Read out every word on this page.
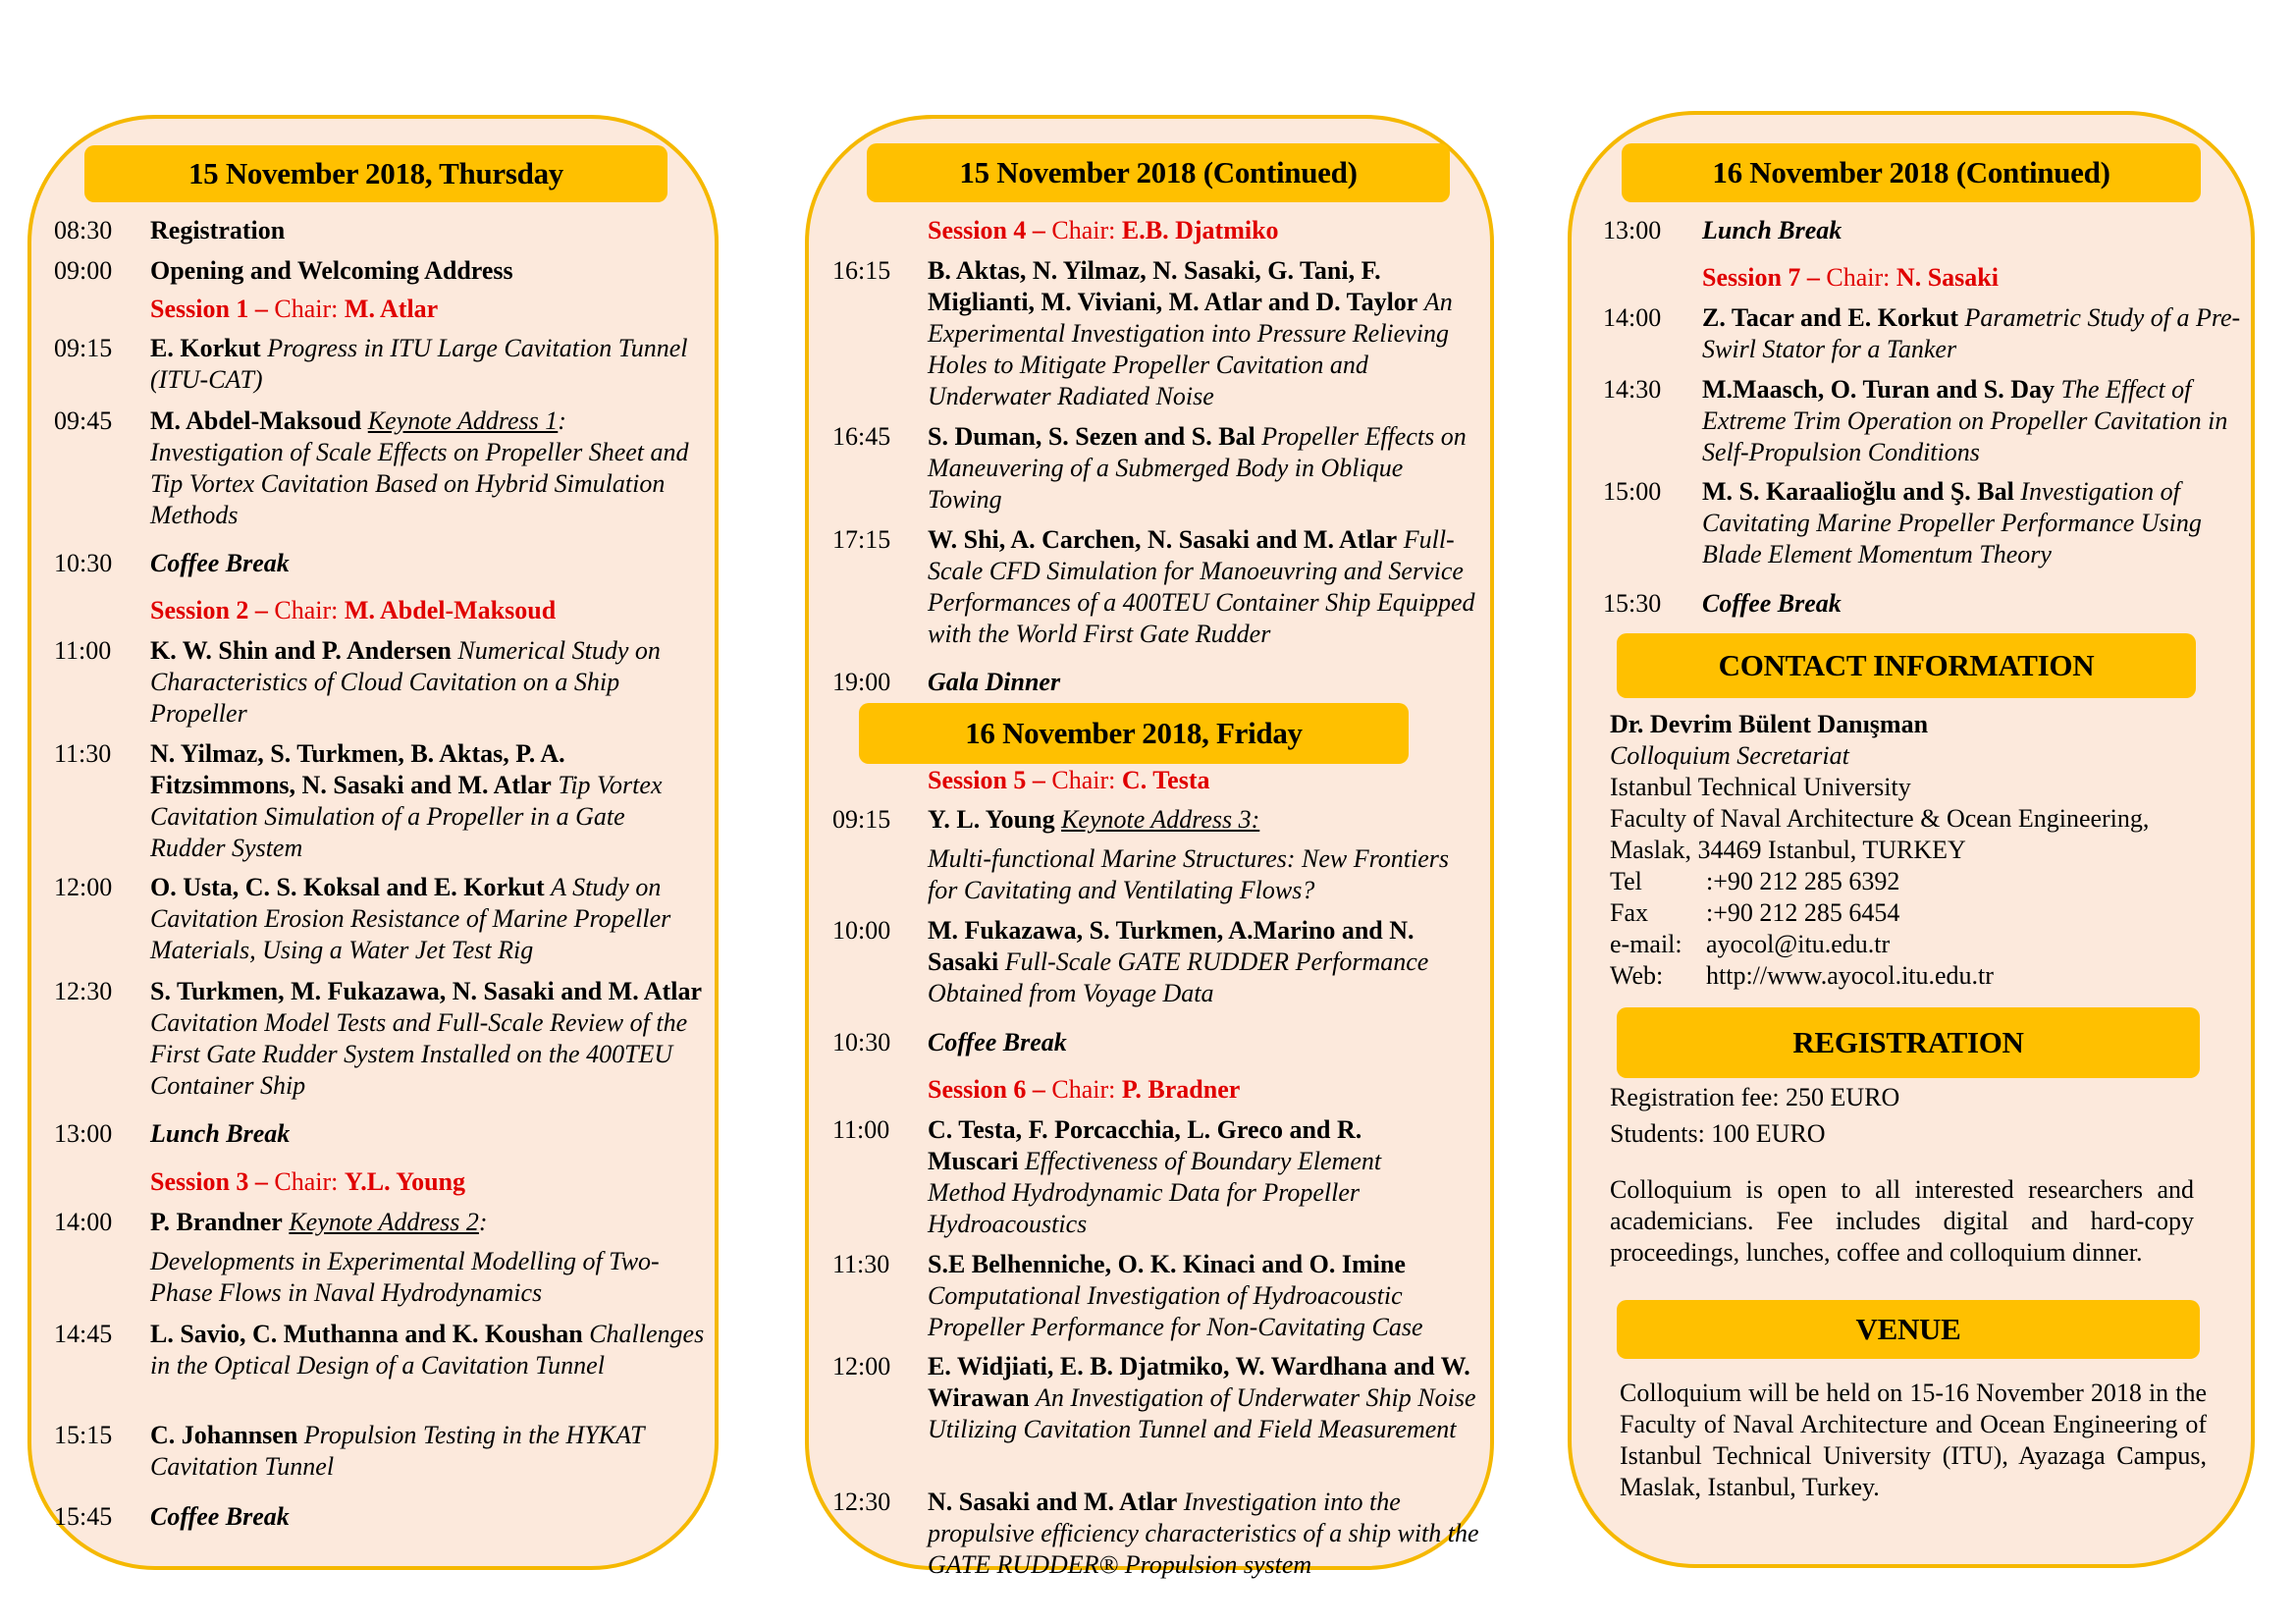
15 November 2018, Thursday
08:30	Registration
09:00	Opening and Welcoming Address
Session 1 – Chair: M. Atlar
09:15	E. Korkut Progress in ITU Large Cavitation Tunnel (ITU-CAT)
09:45	M. Abdel-Maksoud Keynote Address 1: Investigation of Scale Effects on Propeller Sheet and Tip Vortex Cavitation Based on Hybrid Simulation Methods
10:30	Coffee Break
Session 2 – Chair: M. Abdel-Maksoud
11:00	K. W. Shin and P. Andersen Numerical Study on Characteristics of Cloud Cavitation on a Ship Propeller
11:30	N. Yilmaz, S. Turkmen, B. Aktas, P. A. Fitzsimmons, N. Sasaki and M. Atlar Tip Vortex Cavitation Simulation of a Propeller in a Gate Rudder System
12:00	O. Usta, C. S. Koksal and E. Korkut A Study on Cavitation Erosion Resistance of Marine Propeller Materials, Using a Water Jet Test Rig
12:30	S. Turkmen, M. Fukazawa, N. Sasaki and M. Atlar Cavitation Model Tests and Full-Scale Review of the First Gate Rudder System Installed on the 400TEU Container Ship
13:00	Lunch Break
Session 3 – Chair: Y.L. Young
14:00	P. Brandner Keynote Address 2:
Developments in Experimental Modelling of Two-Phase Flows in Naval Hydrodynamics
14:45	L. Savio, C. Muthanna and K. Koushan Challenges in the Optical Design of a Cavitation Tunnel
15:15	C. Johannsen Propulsion Testing in the HYKAT Cavitation Tunnel
15:45	Coffee Break
15 November 2018 (Continued)
Session 4 – Chair: E.B. Djatmiko
16:15	B. Aktas, N. Yilmaz, N. Sasaki, G. Tani, F. Miglianti, M. Viviani, M. Atlar and D. Taylor An Experimental Investigation into Pressure Relieving Holes to Mitigate Propeller Cavitation and Underwater Radiated Noise
16:45	S. Duman, S. Sezen and S. Bal Propeller Effects on Maneuvering of a Submerged Body in Oblique Towing
17:15	W. Shi, A. Carchen, N. Sasaki and M. Atlar Full-Scale CFD Simulation for Manoeuvring and Service Performances of a 400TEU Container Ship Equipped with the World First Gate Rudder
19:00	Gala Dinner
16 November 2018, Friday
Session 5 – Chair: C. Testa
09:15	Y. L. Young Keynote Address 3:
Multi-functional Marine Structures: New Frontiers for Cavitating and Ventilating Flows?
10:00	M. Fukazawa, S. Turkmen, A.Marino and N. Sasaki Full-Scale GATE RUDDER Performance Obtained from Voyage Data
10:30	Coffee Break
Session 6 – Chair: P. Bradner
11:00	C. Testa, F. Porcacchia, L. Greco and R. Muscari Effectiveness of Boundary Element Method Hydrodynamic Data for Propeller Hydroacoustics
11:30	S.E Belhenniche, O. K. Kinaci and O. Imine Computational Investigation of Hydroacoustic Propeller Performance for Non-Cavitating Case
12:00	E. Widjiati, E. B. Djatmiko, W. Wardhana and W. Wirawan An Investigation of Underwater Ship Noise Utilizing Cavitation Tunnel and Field Measurement
12:30	N. Sasaki and M. Atlar Investigation into the propulsive efficiency characteristics of a ship with the GATE RUDDER® Propulsion system
16 November 2018 (Continued)
13:00	Lunch Break
Session 7 – Chair: N. Sasaki
14:00	Z. Tacar and E. Korkut Parametric Study of a Pre-Swirl Stator for a Tanker
14:30	M.Maasch, O. Turan and S. Day The Effect of Extreme Trim Operation on Propeller Cavitation in Self-Propulsion Conditions
15:00	M. S. Karaalioğlu and Ş. Bal Investigation of Cavitating Marine Propeller Performance Using Blade Element Momentum Theory
15:30	Coffee Break
CONTACT INFORMATION
Dr. Devrim Bülent Danışman
Colloquium Secretariat
Istanbul Technical University
Faculty of Naval Architecture & Ocean Engineering,
Maslak, 34469 Istanbul, TURKEY
Tel	:+90 212 285 6392
Fax :+90 212 285 6454
e-mail: ayocol@itu.edu.tr
Web: http://www.ayocol.itu.edu.tr
REGISTRATION
Registration fee: 250 EURO
Students: 100 EURO
Colloquium is open to all interested researchers and academicians. Fee includes digital and hard-copy proceedings, lunches, coffee and colloquium dinner.
VENUE
Colloquium will be held on 15-16 November 2018 in the Faculty of Naval Architecture and Ocean Engineering of Istanbul Technical University (ITU), Ayazaga Campus, Maslak, Istanbul, Turkey.
